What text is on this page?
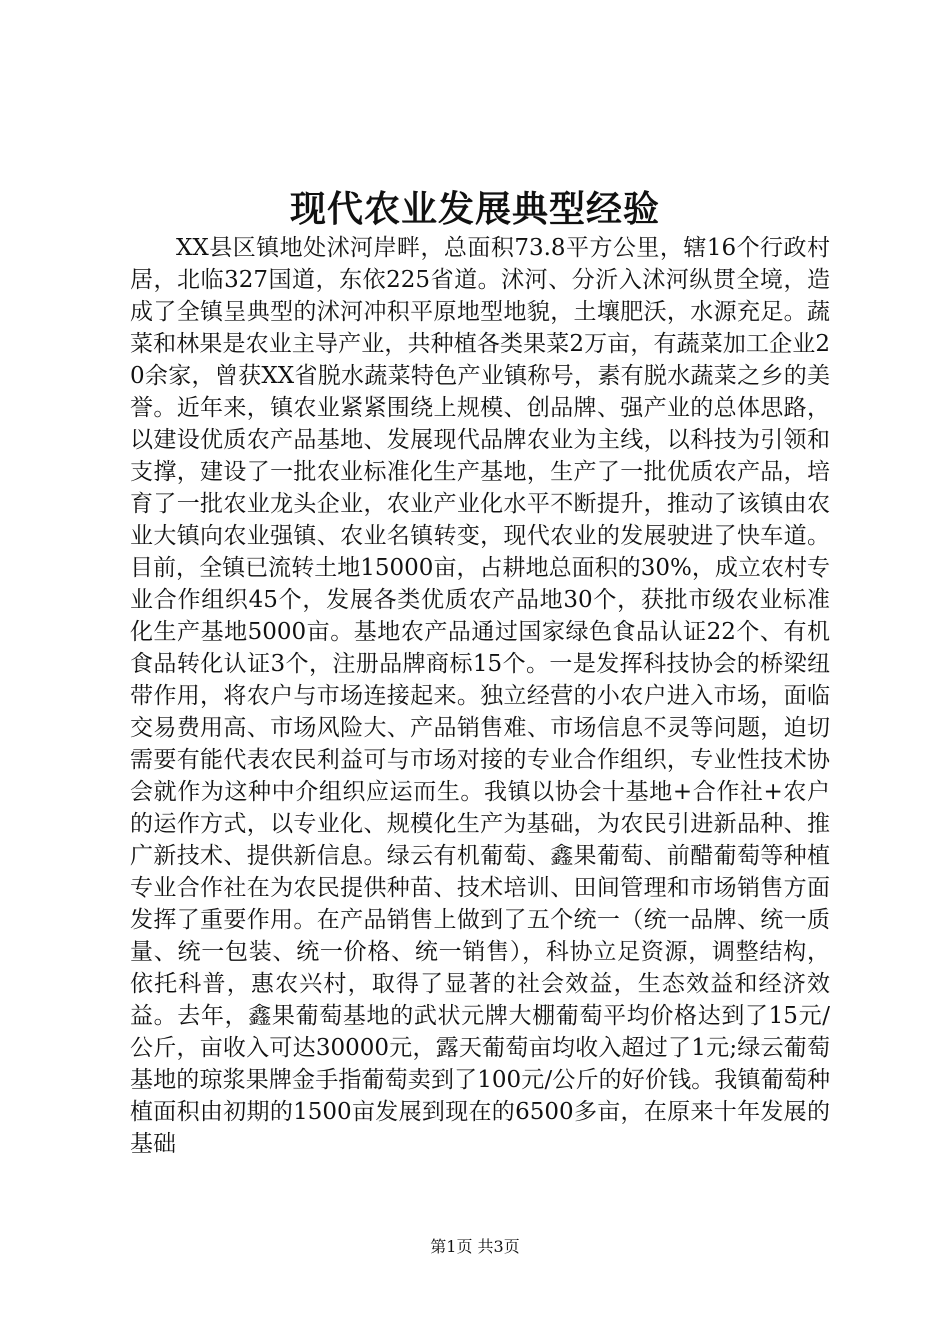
现代农业发展典型经验

XX县区镇地处沭河岸畔，总面积73.8平方公里，辖16个行政村居，北临327国道，东依225省道。沭河、分沂入沭河纵贯全境，造成了全镇呈典型的沭河冲积平原地型地貌，土壤肥沃，水源充足。蔬菜和林果是农业主导产业，共种植各类果菜2万亩，有蔬菜加工企业20余家，曾获XX省脱水蔬菜特色产业镇称号，素有脱水蔬菜之乡的美誉。近年来，镇农业紧紧围绕上规模、创品牌、强产业的总体思路，以建设优质农产品基地、发展现代品牌农业为主线，以科技为引领和支撑，建设了一批农业标准化生产基地，生产了一批优质农产品，培育了一批农业龙头企业，农业产业化水平不断提升，推动了该镇由农业大镇向农业强镇、农业名镇转变，现代农业的发展驶进了快车道。目前，全镇已流转土地15000亩，占耕地总面积的30%，成立农村专业合作组织45个，发展各类优质农产品地30个，获批市级农业标准化生产基地5000亩。基地农产品通过国家绿色食品认证22个、有机食品转化认证3个，注册品牌商标15个。一是发挥科技协会的桥梁纽带作用，将农户与市场连接起来。独立经营的小农户进入市场，面临交易费用高、市场风险大、产品销售难、市场信息不灵等问题，迫切需要有能代表农民利益可与市场对接的专业合作组织，专业性技术协会就作为这种中介组织应运而生。我镇以协会十基地+合作社+农户的运作方式，以专业化、规模化生产为基础，为农民引进新品种、推广新技术、提供新信息。绿云有机葡萄、鑫果葡萄、前醋葡萄等种植专业合作社在为农民提供种苗、技术培训、田间管理和市场销售方面发挥了重要作用。在产品销售上做到了五个统一（统一品牌、统一质量、统一包装、统一价格、统一销售），科协立足资源，调整结构，依托科普，惠农兴村，取得了显著的社会效益，生态效益和经济效益。去年，鑫果葡萄基地的武状元牌大棚葡萄平均价格达到了15元/公斤，亩收入可达30000元，露天葡萄亩均收入超过了1元;绿云葡萄基地的琼浆果牌金手指葡萄卖到了100元/公斤的好价钱。我镇葡萄种植面积由初期的1500亩发展到现在的6500多亩，在原来十年发展的基础

第1页 共3页
